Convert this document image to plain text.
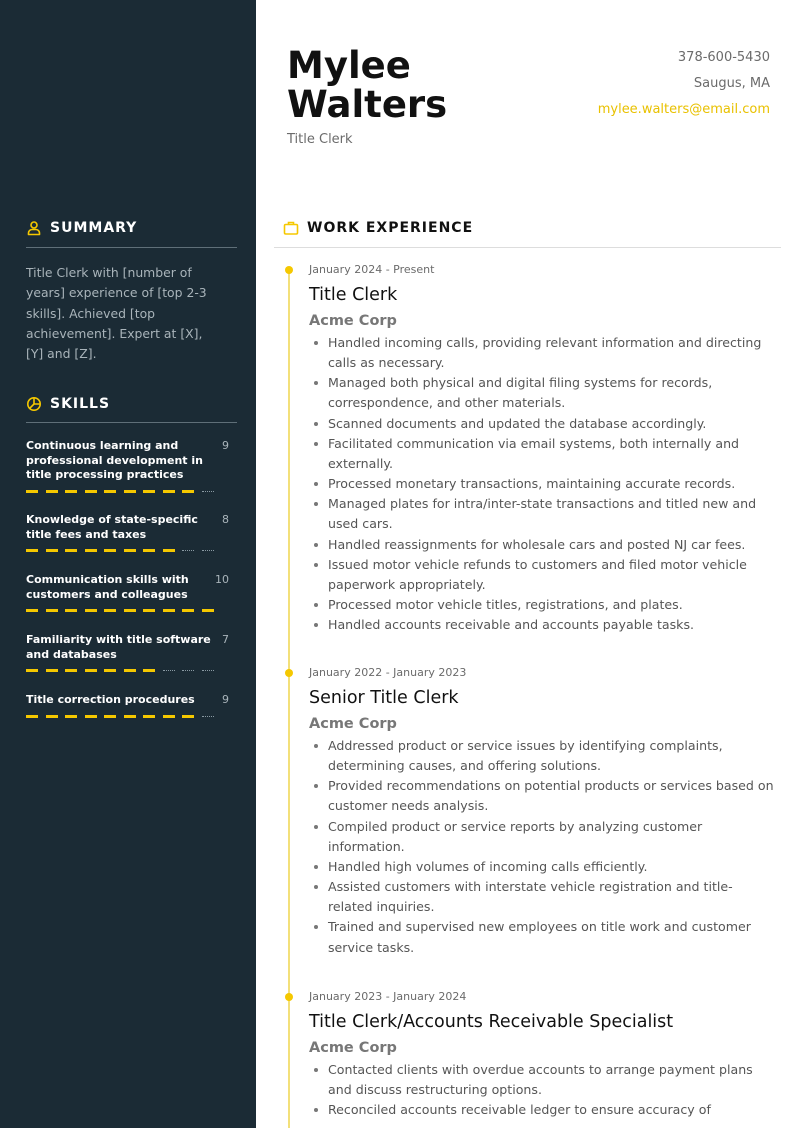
SUMMARY
Title Clerk with [number of years] experience of [top 2-3 skills]. Achieved [top achievement]. Expert at [X], [Y] and [Z].
SKILLS
Continuous learning and professional development in title processing practices
9
Knowledge of state-specific title fees and taxes
8
Communication skills with customers and colleagues
10
Familiarity with title software and databases
7
Title correction procedures	9
Mylee
Walters
Title Clerk
378-600-5430
Saugus, MA
mylee.walters@email.com
WORK EXPERIENCE
January 2024 - Present
Title Clerk
Acme Corp
Handled incoming calls, providing relevant information and directing calls as necessary.
Managed both physical and digital filing systems for records, correspondence, and other materials.
Scanned documents and updated the database accordingly.
Facilitated communication via email systems, both internally and externally.
Processed monetary transactions, maintaining accurate records.
Managed plates for intra/inter-state transactions and titled new and used cars.
Handled reassignments for wholesale cars and posted NJ car fees.
Issued motor vehicle refunds to customers and filed motor vehicle paperwork appropriately.
Processed motor vehicle titles, registrations, and plates.
Handled accounts receivable and accounts payable tasks.
January 2022 - January 2023
Senior Title Clerk
Acme Corp
Addressed product or service issues by identifying complaints, determining causes, and offering solutions.
Provided recommendations on potential products or services based on customer needs analysis.
Compiled product or service reports by analyzing customer information.
Handled high volumes of incoming calls efficiently.
Assisted customers with interstate vehicle registration and title-related inquiries.
Trained and supervised new employees on title work and customer service tasks.
January 2023 - January 2024
Title Clerk/Accounts Receivable Specialist
Acme Corp
Contacted clients with overdue accounts to arrange payment plans and discuss restructuring options.
Reconciled accounts receivable ledger to ensure accuracy of
